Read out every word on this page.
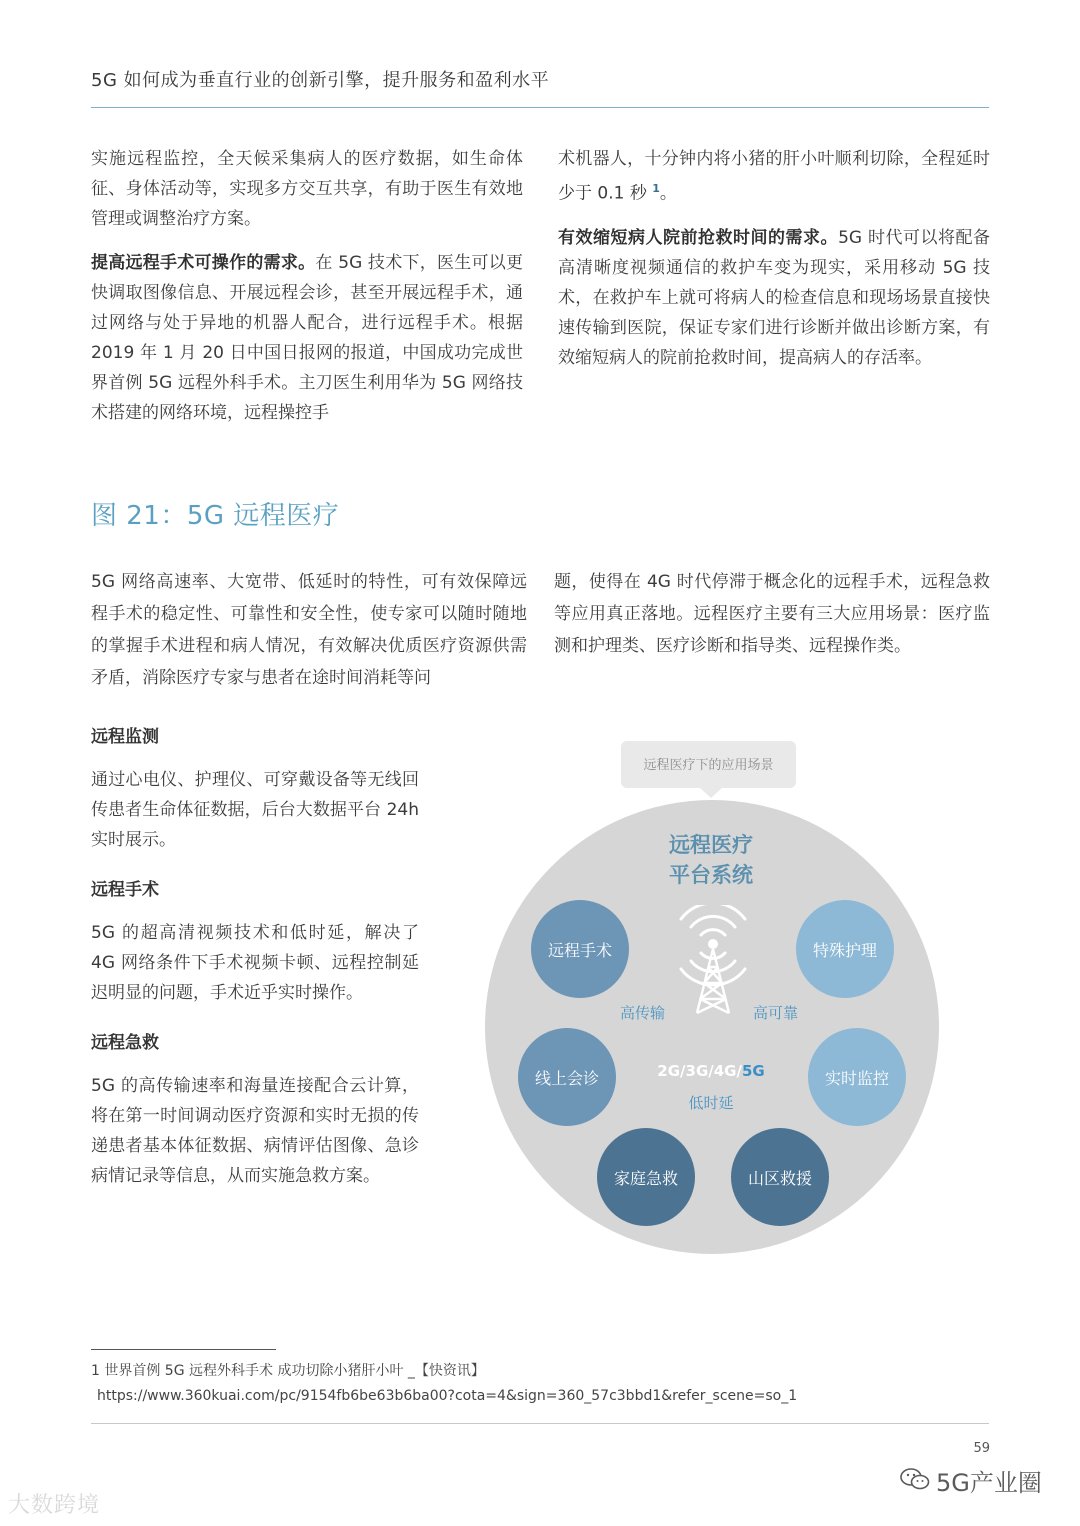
5G 如何成为垂直行业的创新引擎，提升服务和盈利水平

实施远程监控，全天候采集病人的医疗数据，如生命体征、身体活动等，实现多方交互共享，有助于医生有效地管理或调整治疗方案。

提高远程手术可操作的需求。在 5G 技术下，医生可以更快调取图像信息、开展远程会诊，甚至开展远程手术，通过网络与处于异地的机器人配合，进行远程手术。根据 2019 年 1 月 20 日中国日报网的报道，中国成功完成世界首例 5G 远程外科手术。主刀医生利用华为 5G 网络技术搭建的网络环境，远程操控手

术机器人，十分钟内将小猪的肝小叶顺利切除，全程延时少于 0.1 秒 $^1$。

有效缩短病人院前抢救时间的需求。5G 时代可以将配备高清晰度视频通信的救护车变为现实，采用移动 5G 技术，在救护车上就可将病人的检查信息和现场场景直接快速传输到医院，保证专家们进行诊断并做出诊断方案，有效缩短病人的院前抢救时间，提高病人的存活率。

图 21：5G 远程医疗

5G 网络高速率、大宽带、低延时的特性，可有效保障远程手术的稳定性、可靠性和安全性，使专家可以随时随地的掌握手术进程和病人情况，有效解决优质医疗资源供需矛盾，消除医疗专家与患者在途时间消耗等问

题，使得在 4G 时代停滞于概念化的远程手术，远程急救等应用真正落地。远程医疗主要有三大应用场景：医疗监测和护理类、医疗诊断和指导类、远程操作类。

远程监测

通过心电仪、护理仪、可穿戴设备等无线回传患者生命体征数据，后台大数据平台 24h 实时展示。

远程手术

5G 的超高清视频技术和低时延，解决了 4G 网络条件下手术视频卡顿、远程控制延迟明显的问题，手术近乎实时操作。

远程急救

5G 的高传输速率和海量连接配合云计算，将在第一时间调动医疗资源和实时无损的传递患者基本体征数据、病情评估图像、急诊病情记录等信息，从而实施急救方案。

远程医疗下的应用场景
远程医疗
平台系统
远程手术	特殊护理
线上会诊	实时监控
家庭急救	山区救援
高传输	高可靠
2G/3G/4G/5G
低时延
1 世界首例 5G 远程外科手术 成功切除小猪肝小叶 _【快资讯】
https://www.360kuai.com/pc/9154fb6be63b6ba00?cota=4&sign=360_57c3bbd1&refer_scene=so_1
59
大数跨境
5G产业圈
